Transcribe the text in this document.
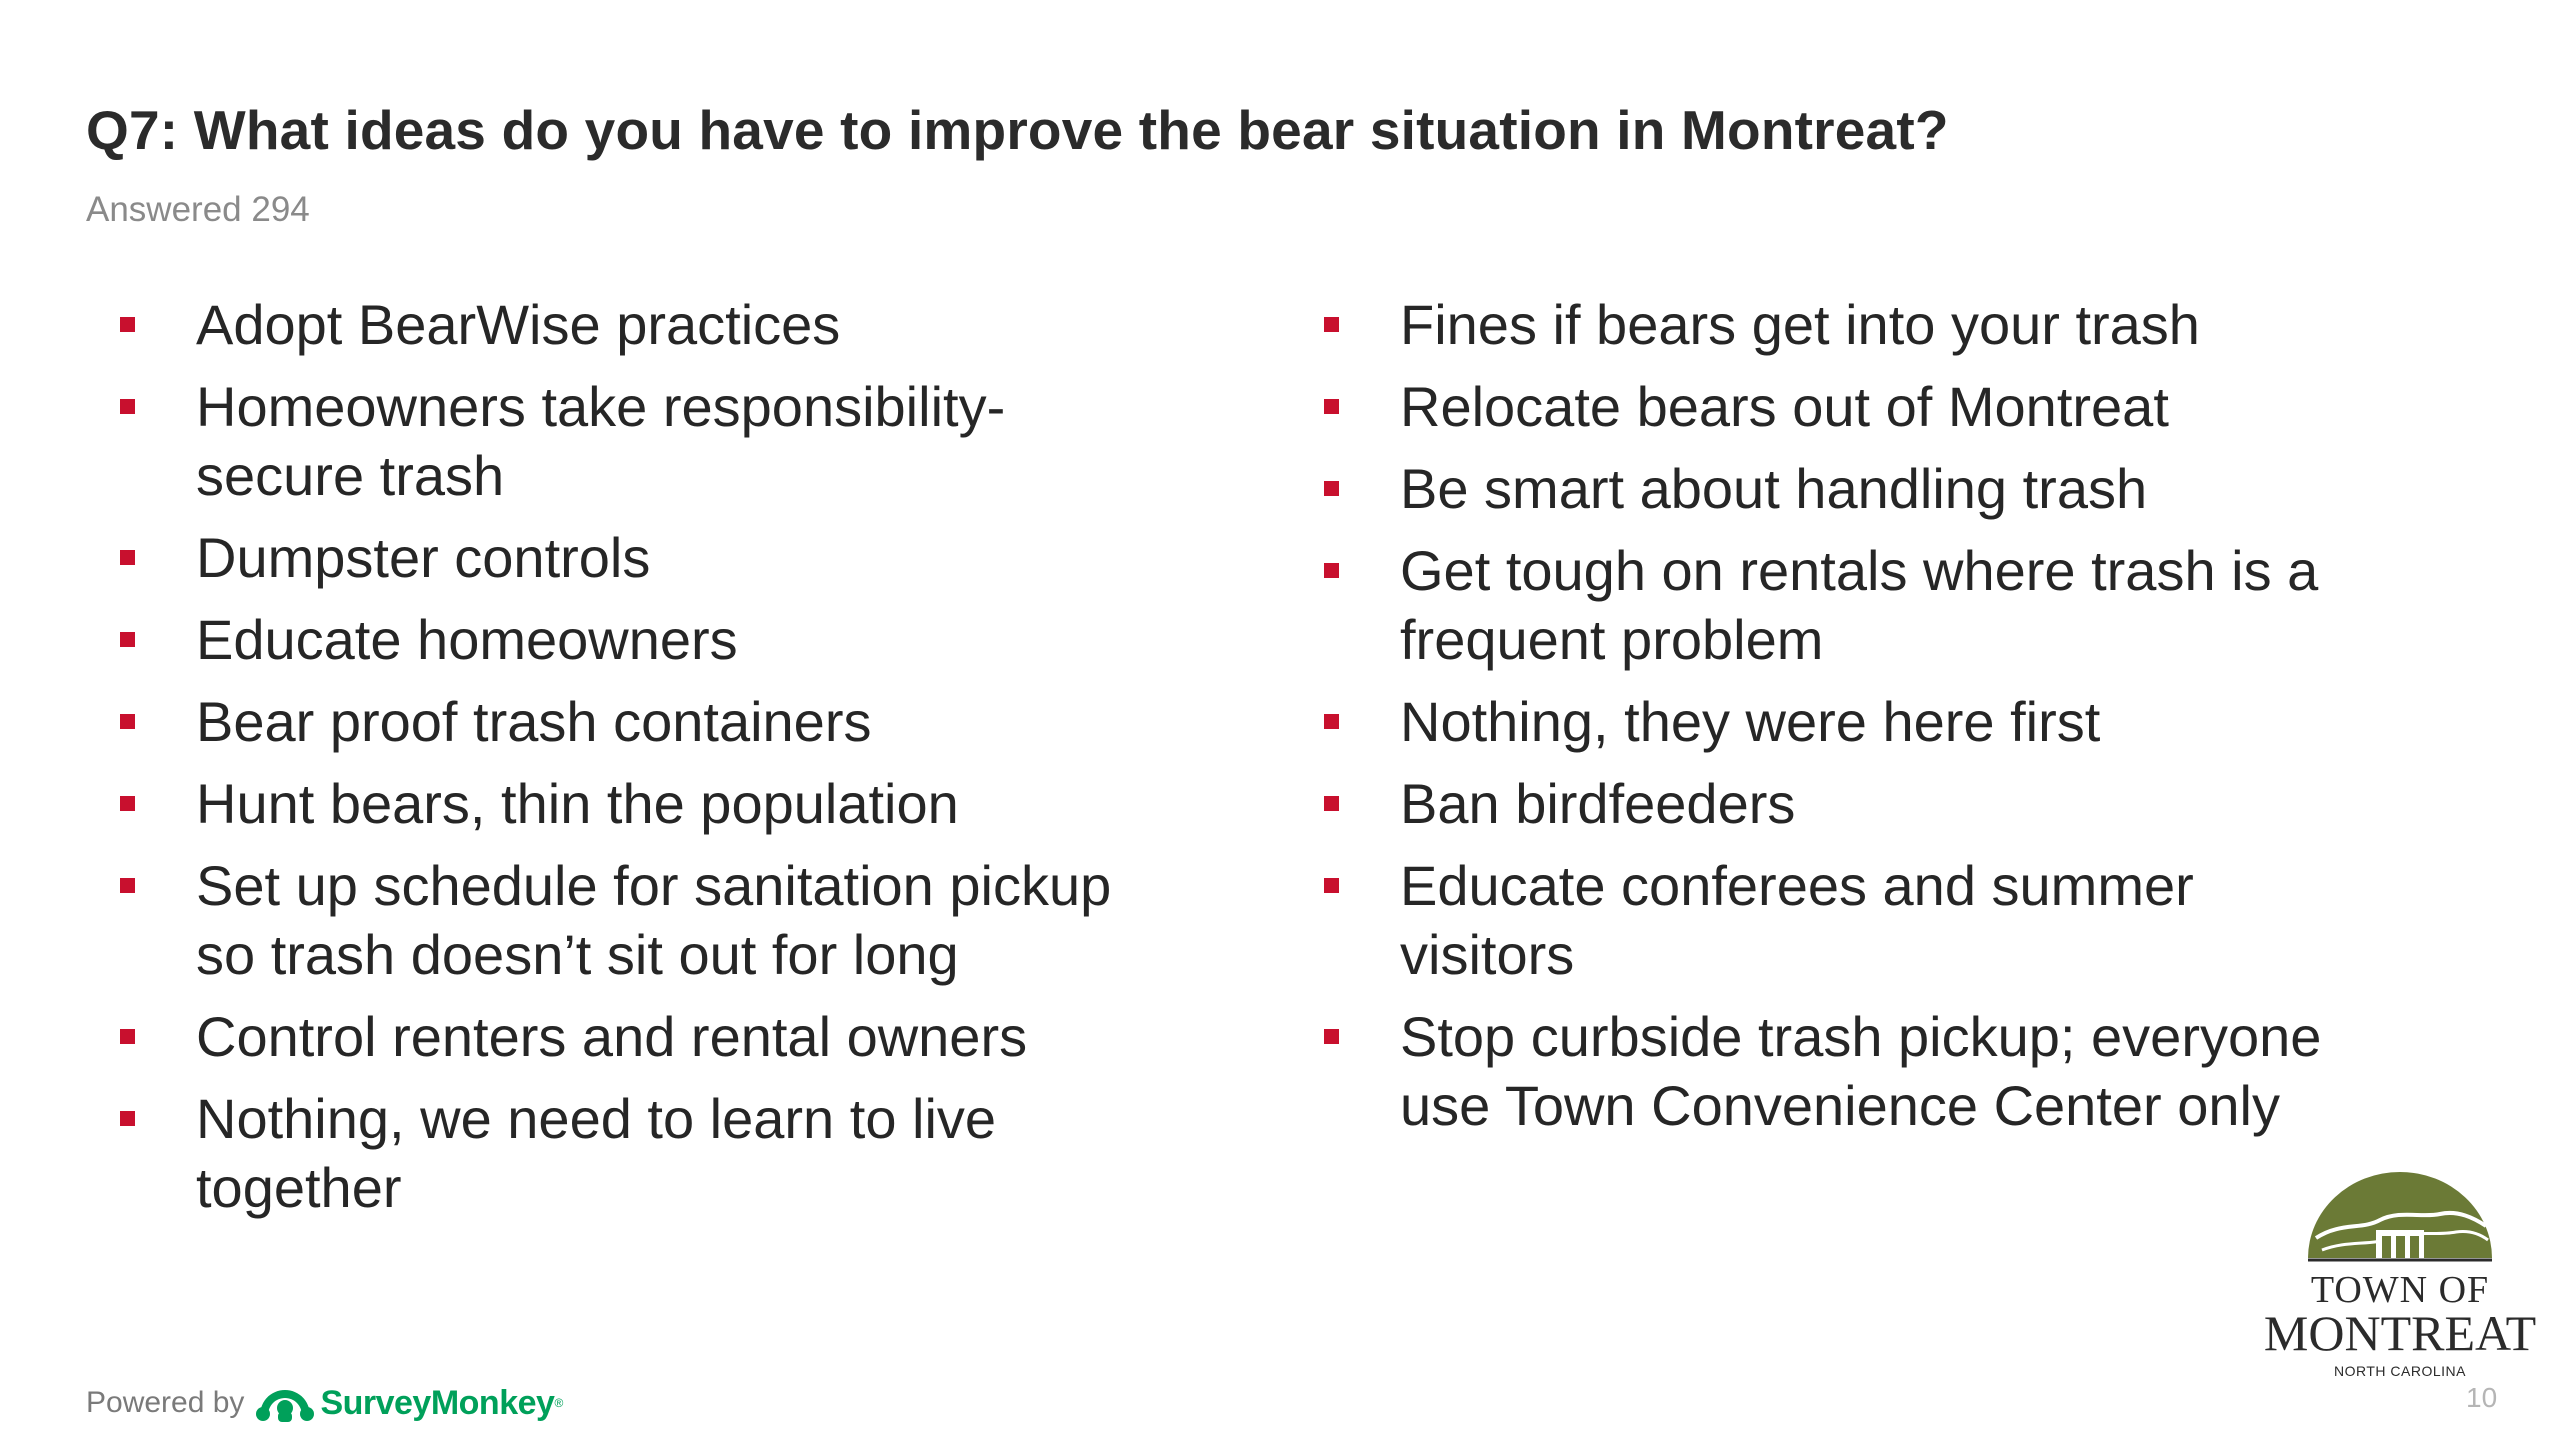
Q7: What ideas do you have to improve the bear situation in Montreat?
Answered 294
Adopt BearWise practices
Homeowners take responsibility-
secure trash
Dumpster controls
Educate homeowners
Bear proof trash containers
Hunt bears, thin the population
Set up schedule for sanitation pickup
so trash doesn’t sit out for long
Control renters and rental owners
Nothing, we need to learn to live
together
Fines if bears get into your trash
Relocate bears out of Montreat
Be smart about handling trash
Get tough on rentals where trash is a
frequent problem
Nothing, they were here first
Ban birdfeeders
Educate conferees and summer
visitors
Stop curbside trash pickup; everyone
use Town Convenience Center only
Powered by SurveyMonkey ®
TOWN OF
MONTREAT
NORTH CAROLINA
10
